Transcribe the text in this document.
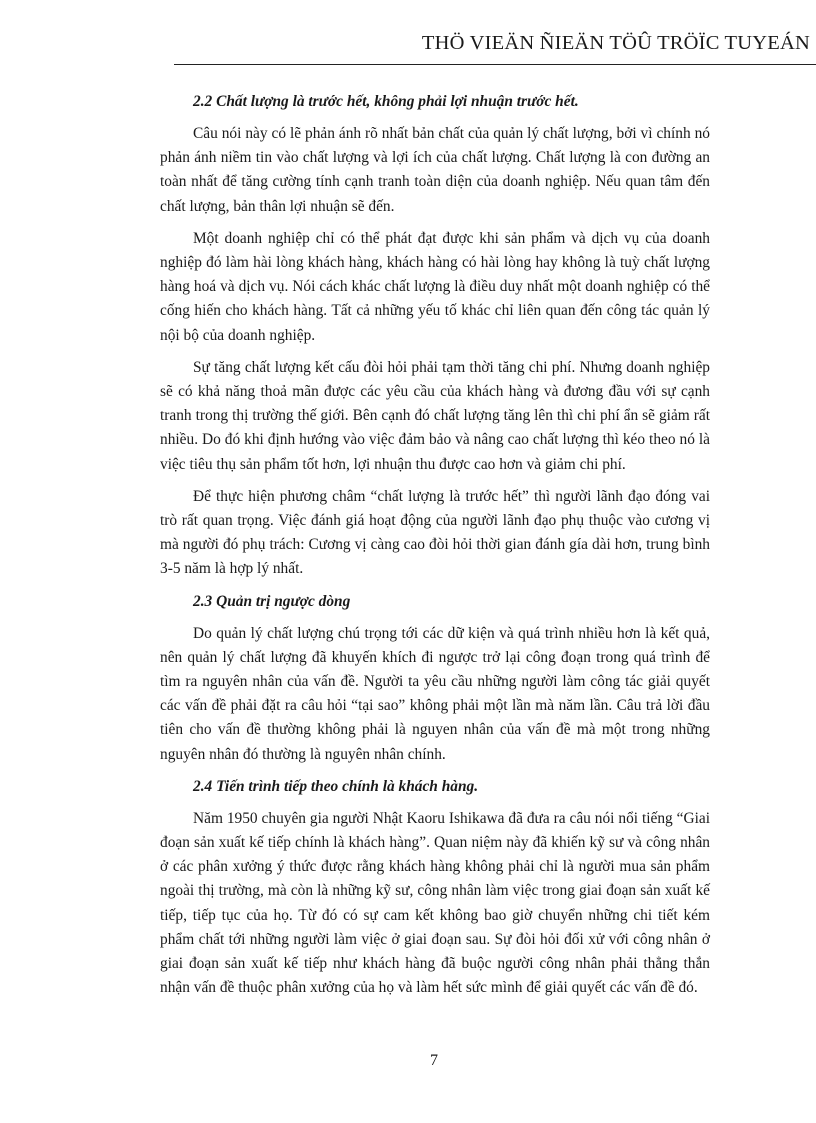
THÖ VIEÄN ÑIEÄN TÖÛ TRÖÏC TUYEÁN
2.2 Chất lượng là trước hết, không phải lợi nhuận trước hết.

Câu nói này có lẽ phản ánh rõ nhất bản chất của quản lý chất lượng, bởi vì chính nó phản ánh niềm tin vào chất lượng và lợi ích của chất lượng. Chất lượng là con đường an toàn nhất để tăng cường tính cạnh tranh toàn diện của doanh nghiệp. Nếu quan tâm đến chất lượng, bản thân lợi nhuận sẽ đến.

Một doanh nghiệp chỉ có thể phát đạt được khi sản phẩm và dịch vụ của doanh nghiệp đó làm hài lòng khách hàng, khách hàng có hài lòng hay không là tuỳ chất lượng hàng hoá và dịch vụ. Nói cách khác chất lượng là điều duy nhất một doanh nghiệp có thể cống hiến cho khách hàng. Tất cả những yếu tố khác chỉ liên quan đến công tác quản lý nội bộ của doanh nghiệp.

Sự tăng chất lượng kết cấu đòi hỏi phải tạm thời tăng chi phí. Nhưng doanh nghiệp sẽ có khả năng thoả mãn được các yêu cầu của khách hàng và đương đầu với sự cạnh tranh trong thị trường thế giới. Bên cạnh đó chất lượng tăng lên thì chi phí ẩn sẽ giảm rất nhiều. Do đó khi định hướng vào việc đảm bảo và nâng cao chất lượng thì kéo theo nó là việc tiêu thụ sản phẩm tốt hơn, lợi nhuận thu được cao hơn và giảm chi phí.

Để thực hiện phương châm “chất lượng là trước hết” thì người lãnh đạo đóng vai trò rất quan trọng. Việc đánh giá hoạt động của người lãnh đạo phụ thuộc vào cương vị mà người đó phụ trách: Cương vị càng cao đòi hỏi thời gian đánh gía dài hơn, trung bình 3-5 năm là hợp lý nhất.

2.3 Quản trị ngược dòng

Do quản lý chất lượng chú trọng tới các dữ kiện và quá trình nhiều hơn là kết quả, nên quản lý chất lượng đã khuyến khích đi ngược trở lại công đoạn trong quá trình để tìm ra nguyên nhân của vấn đề. Người ta yêu cầu những người làm công tác giải quyết các vấn đề phải đặt ra câu hỏi “tại sao” không phải một lần mà năm lần. Câu trả lời đầu tiên cho vấn đề thường không phải là nguyen nhân của vấn đề mà một trong những nguyên nhân đó thường là nguyên nhân chính.

2.4 Tiến trình tiếp theo chính là khách hàng.

Năm 1950 chuyên gia người Nhật Kaoru Ishikawa đã đưa ra câu nói nổi tiếng “Giai đoạn sản xuất kế tiếp chính là khách hàng”. Quan niệm này đã khiến kỹ sư và công nhân ở các phân xưởng ý thức được rằng khách hàng không phải chỉ là người mua sản phẩm ngoài thị trường, mà còn là những kỹ sư, công nhân làm việc trong giai đoạn sản xuất kế tiếp, tiếp tục của họ. Từ đó có sự cam kết không bao giờ chuyển những chi tiết kém phẩm chất tới những người làm việc ở giai đoạn sau. Sự đòi hỏi đối xử với công nhân ở giai đoạn sản xuất kế tiếp như khách hàng đã buộc người công nhân phải thẳng thắn nhận vấn đề thuộc phân xưởng của họ và làm hết sức mình để giải quyết các vấn đề đó.

7
